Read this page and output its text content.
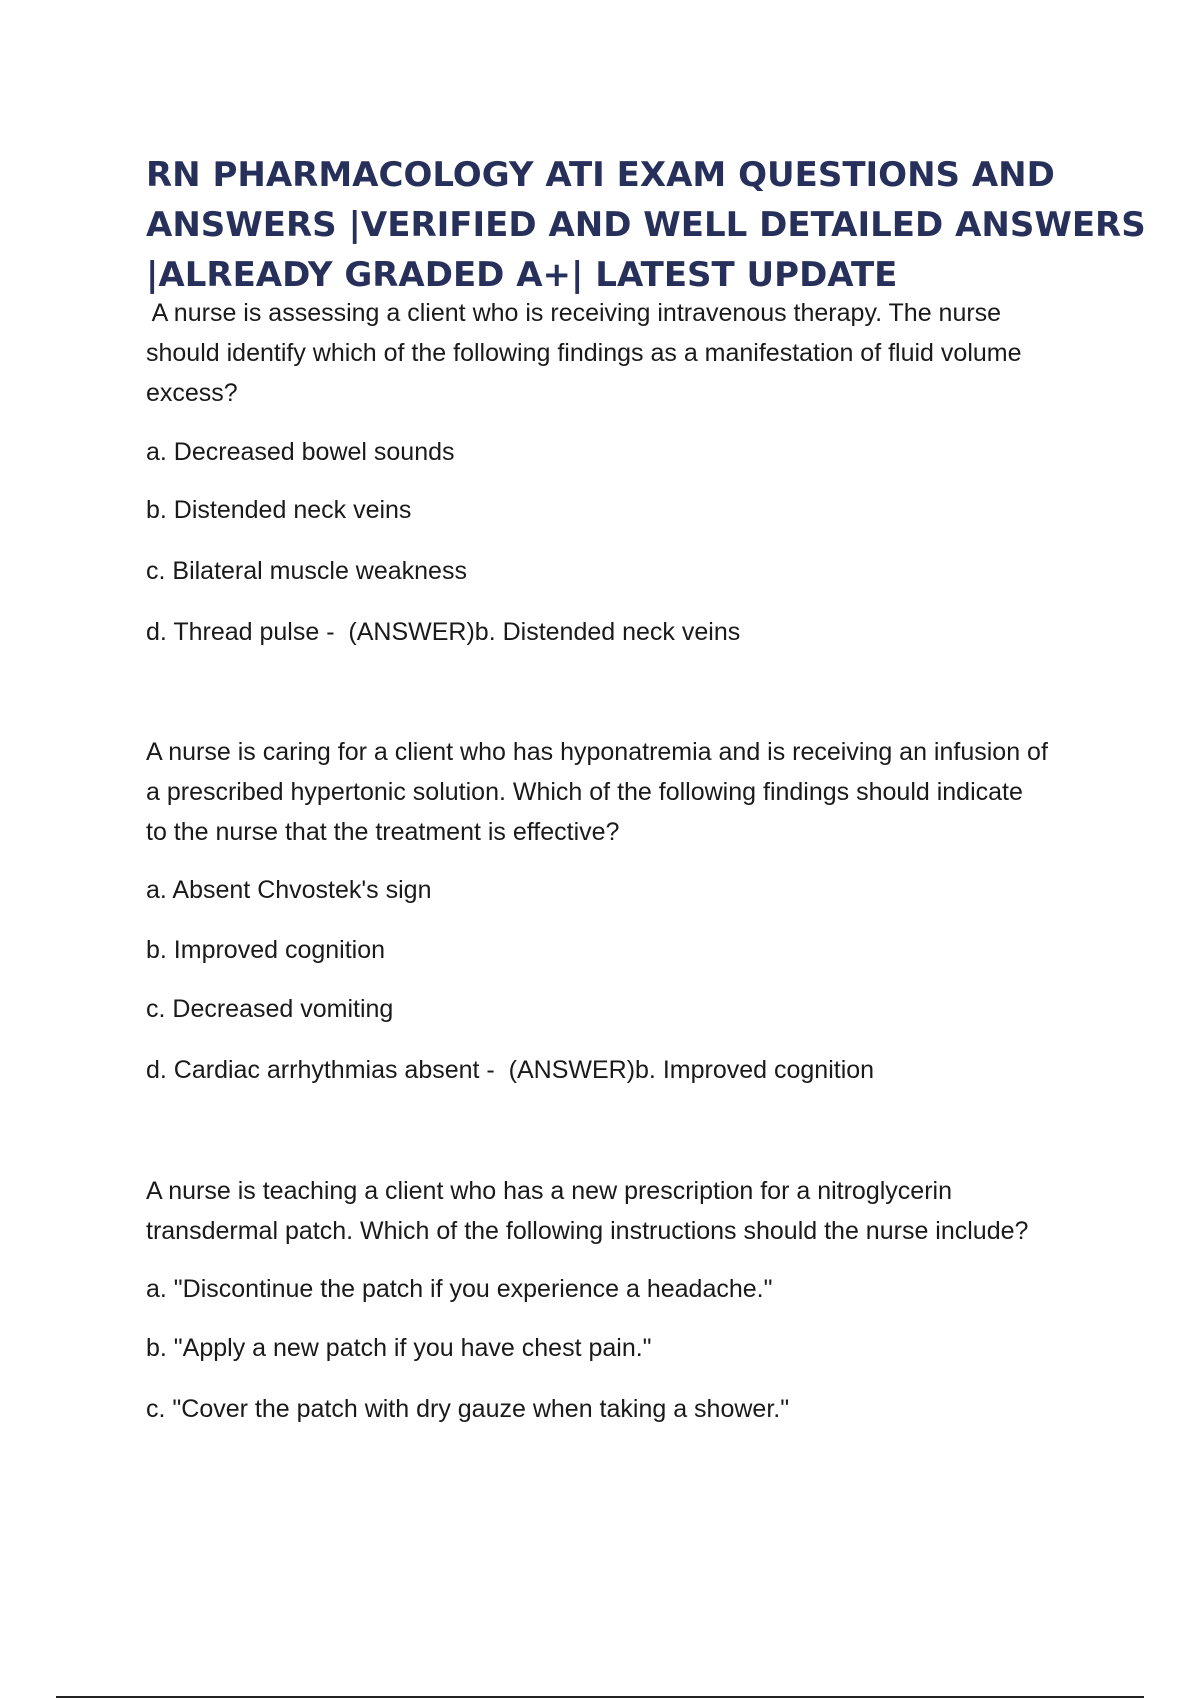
RN PHARMACOLOGY ATI EXAM QUESTIONS AND
ANSWERS |VERIFIED AND WELL DETAILED ANSWERS
|ALREADY GRADED A+| LATEST UPDATE

A nurse is assessing a client who is receiving intravenous therapy. The nurse
should identify which of the following findings as a manifestation of fluid volume
excess?

a. Decreased bowel sounds

b. Distended neck veins

c. Bilateral muscle weakness

d. Thread pulse -  (ANSWER)b. Distended neck veins

A nurse is caring for a client who has hyponatremia and is receiving an infusion of
a prescribed hypertonic solution. Which of the following findings should indicate
to the nurse that the treatment is effective?

a. Absent Chvostek's sign

b. Improved cognition

c. Decreased vomiting

d. Cardiac arrhythmias absent -  (ANSWER)b. Improved cognition

A nurse is teaching a client who has a new prescription for a nitroglycerin
transdermal patch. Which of the following instructions should the nurse include?

a. "Discontinue the patch if you experience a headache."

b. "Apply a new patch if you have chest pain."

c. "Cover the patch with dry gauze when taking a shower."
